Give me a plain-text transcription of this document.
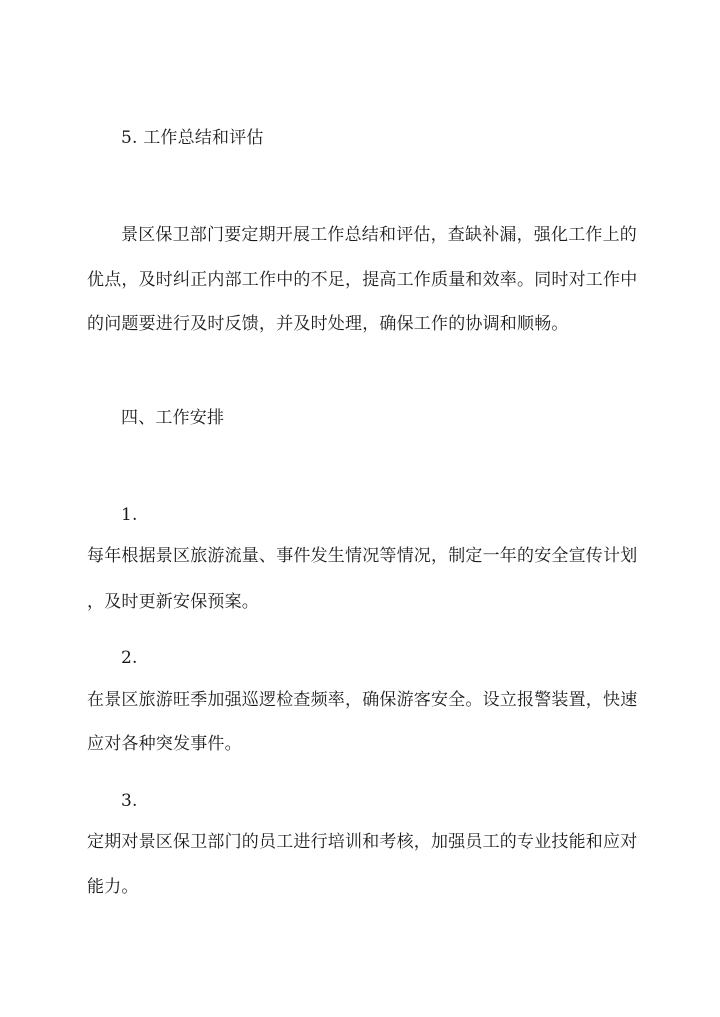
5. 工作总结和评估
景区保卫部门要定期开展工作总结和评估，查缺补漏，强化工作上的
优点，及时纠正内部工作中的不足，提高工作质量和效率。同时对工作中
的问题要进行及时反馈，并及时处理，确保工作的协调和顺畅。
四、工作安排
1.
每年根据景区旅游流量、事件发生情况等情况，制定一年的安全宣传计划
，及时更新安保预案。
2.
在景区旅游旺季加强巡逻检查频率，确保游客安全。设立报警装置，快速
应对各种突发事件。
3.
定期对景区保卫部门的员工进行培训和考核，加强员工的专业技能和应对
能力。
